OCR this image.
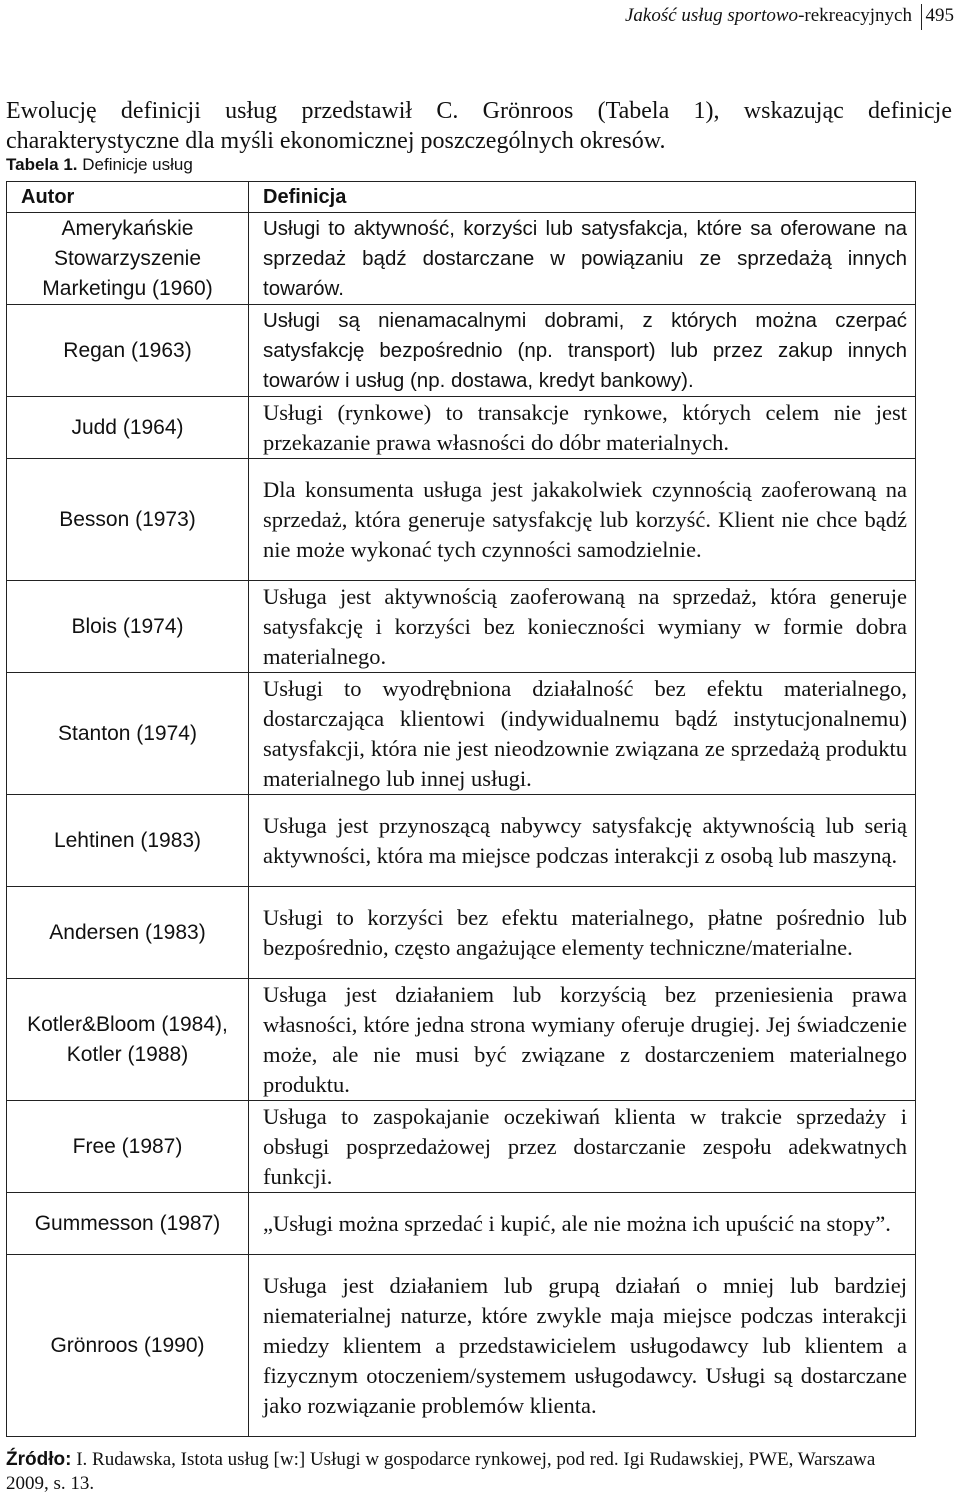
Jakość usług sportowo-rekreacyjnych 495

Ewolucję definicji usług przedstawił C. Grönroos (Tabela 1), wskazując definicje charakterystyczne dla myśli ekonomicznej poszczególnych okresów.

Tabela 1. Definicje usług
Autor	Definicja
Amerykańskie Stowarzyszenie Marketingu (1960)	Usługi to aktywność, korzyści lub satysfakcja, które sa oferowane na sprzedaż bądź dostarczane w powiązaniu ze sprzedażą innych towarów.
Regan (1963)	Usługi są nienamacalnymi dobrami, z których można czerpać satysfakcję bezpośrednio (np. transport) lub przez zakup innych towarów i usług (np. dostawa, kredyt bankowy).
Judd (1964)	Usługi (rynkowe) to transakcje rynkowe, których celem nie jest przekazanie prawa własności do dóbr materialnych.
Besson (1973)	Dla konsumenta usługa jest jakakolwiek czynnością zaoferowaną na sprzedaż, która generuje satysfakcję lub korzyść. Klient nie chce bądź nie może wykonać tych czynności samodzielnie.
Blois (1974)	Usługa jest aktywnością zaoferowaną na sprzedaż, która generuje satysfakcję i korzyści bez konieczności wymiany w formie dobra materialnego.
Stanton (1974)	Usługi to wyodrębniona działalność bez efektu materialnego, dostarczająca klientowi (indywidualnemu bądź instytucjonalnemu) satysfakcji, która nie jest nieodzownie związana ze sprzedażą produktu materialnego lub innej usługi.
Lehtinen (1983)	Usługa jest przynoszącą nabywcy satysfakcję aktywnością lub serią aktywności, która ma miejsce podczas interakcji z osobą lub maszyną.
Andersen (1983)	Usługi to korzyści bez efektu materialnego, płatne pośrednio lub bezpośrednio, często angażujące elementy techniczne/materialne.
Kotler&Bloom (1984), Kotler (1988)	Usługa jest działaniem lub korzyścią bez przeniesienia prawa własności, które jedna strona wymiany oferuje drugiej. Jej świadczenie może, ale nie musi być związane z dostarczeniem materialnego produktu.
Free (1987)	Usługa to zaspokajanie oczekiwań klienta w trakcie sprzedaży i obsługi posprzedażowej przez dostarczanie zespołu adekwatnych funkcji.
Gummesson (1987)	„Usługi można sprzedać i kupić, ale nie można ich upuścić na stopy”.
Grönroos (1990)	Usługa jest działaniem lub grupą działań o mniej lub bardziej niematerialnej naturze, które zwykle maja miejsce podczas interakcji miedzy klientem a przedstawicielem usługodawcy lub klientem a fizycznym otoczeniem/systemem usługodawcy. Usługi są dostarczane jako rozwiązanie problemów klienta.

Źródło: I. Rudawska, Istota usług [w:] Usługi w gospodarce rynkowej, pod red. Igi Rudawskiej, PWE, Warszawa 2009, s. 13.
